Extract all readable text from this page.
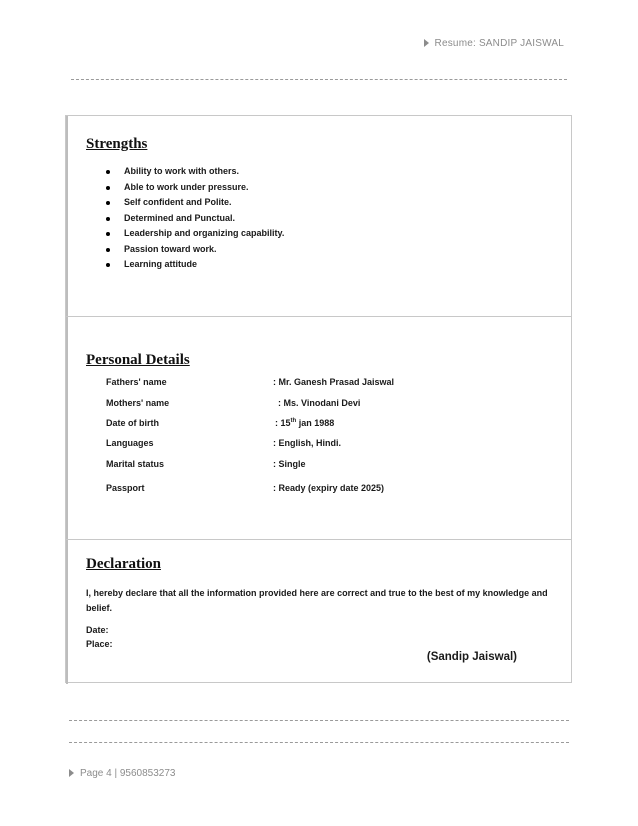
Resume: SANDIP JAISWAL
Strengths
Ability to work with others.
Able to work under pressure.
Self confident and Polite.
Determined and Punctual.
Leadership and organizing capability.
Passion toward work.
Learning attitude
Personal Details
Fathers' name	: Mr. Ganesh Prasad Jaiswal
Mothers' name	: Ms. Vinodani Devi
Date of birth	: 15th jan 1988
Languages	: English, Hindi.
Marital status	: Single
Passport	: Ready (expiry date 2025)
Declaration
I, hereby declare that all the information provided here are correct and true to the best of my knowledge and belief.
Date:
Place:
(Sandip Jaiswal)
Page 4 | 9560853273
